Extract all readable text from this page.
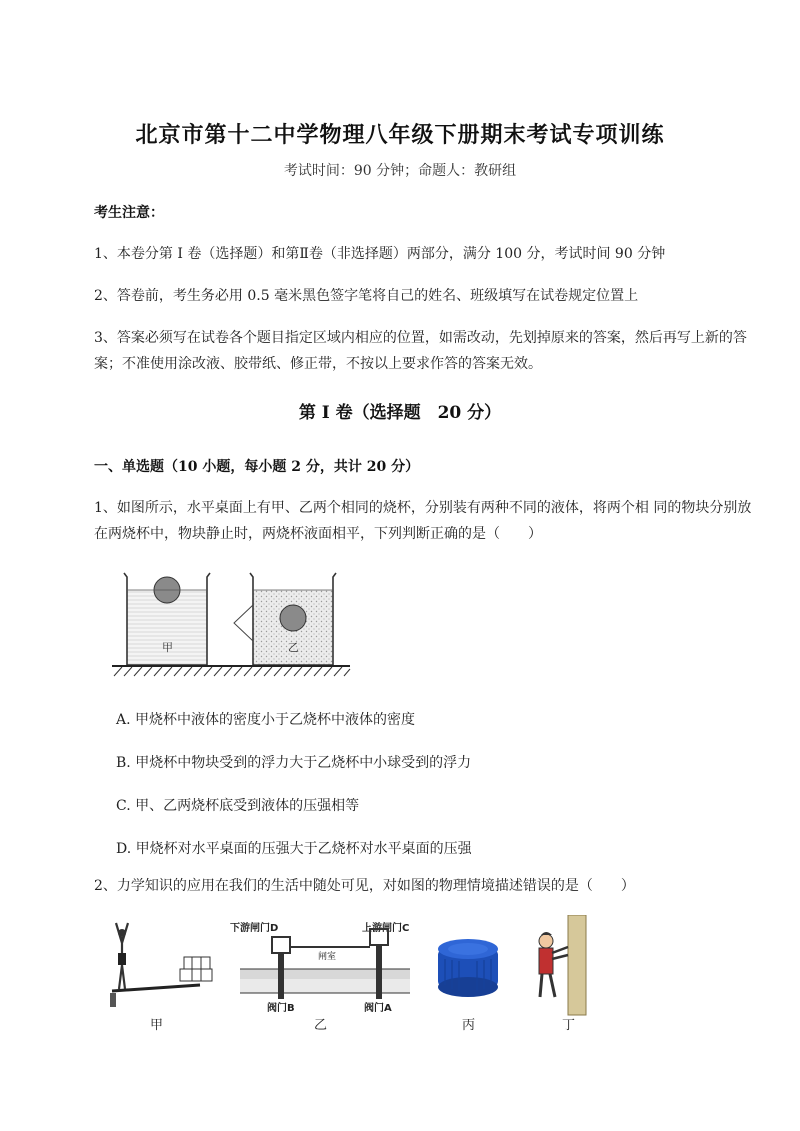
北京市第十二中学物理八年级下册期末考试专项训练
考试时间：90 分钟；命题人：教研组
考生注意：
1、本卷分第 I 卷（选择题）和第Ⅱ卷（非选择题）两部分，满分 100 分，考试时间 90 分钟
2、答卷前，考生务必用 0.5 毫米黑色签字笔将自己的姓名、班级填写在试卷规定位置上
3、答案必须写在试卷各个题目指定区域内相应的位置，如需改动，先划掉原来的答案，然后再写上新的答案；不准使用涂改液、胶带纸、修正带，不按以上要求作答的答案无效。
第 I 卷（选择题　20 分）
一、单选题（10 小题，每小题 2 分，共计 20 分）
1、如图所示，水平桌面上有甲、乙两个相同的烧杯，分别装有两种不同的液体，将两个相 同的物块分别放在两烧杯中，物块静止时，两烧杯液面相平，下列判断正确的是（　　）
甲	乙
A. 甲烧杯中液体的密度小于乙烧杯中液体的密度
B. 甲烧杯中物块受到的浮力大于乙烧杯中小球受到的浮力
C. 甲、乙两烧杯底受到液体的压强相等
D. 甲烧杯对水平桌面的压强大于乙烧杯对水平桌面的压强
2、力学知识的应用在我们的生活中随处可见，对如图的物理情境描述错误的是（　　）
甲
下游闸门D	上游闸门C
闸室
阀门B	阀门A
乙	丙	丁
